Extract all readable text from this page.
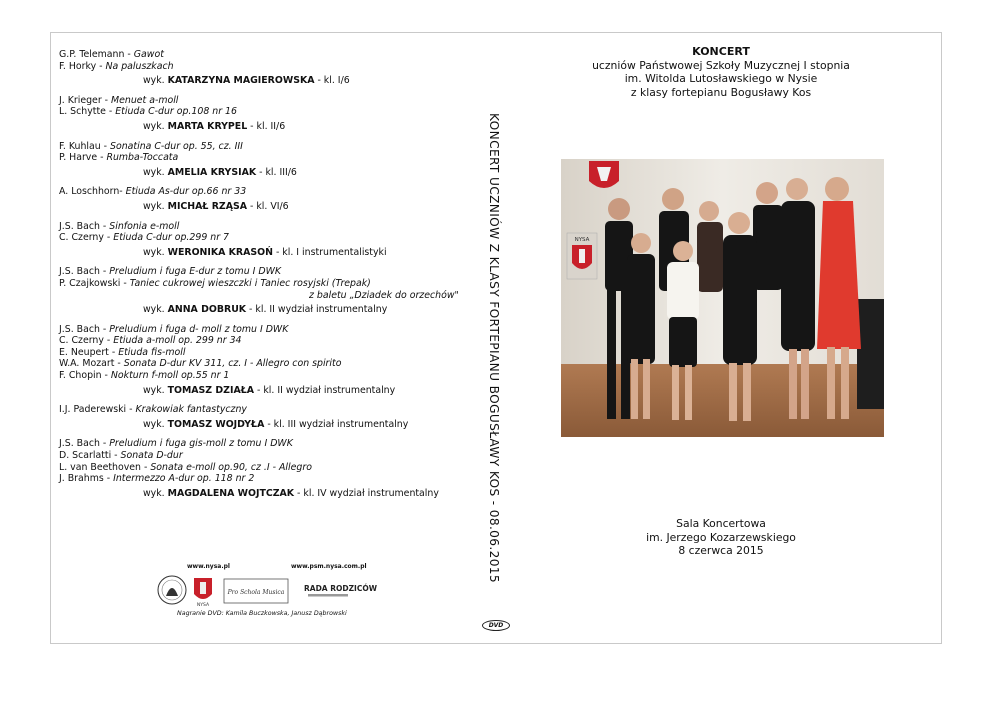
G.P. Telemann - Gawot
F. Horky - Na paluszkach
wyk. KATARZYNA MAGIEROWSKA - kl. I/6
J. Krieger - Menuet a-moll
L. Schytte - Etiuda C-dur op.108 nr 16
wyk. MARTA KRYPEL - kl. II/6
F. Kuhlau - Sonatina C-dur op. 55, cz. III
P. Harve - Rumba-Toccata
wyk. AMELIA KRYSIAK - kl. III/6
A. Loschhorn- Etiuda As-dur op.66 nr 33
wyk. MICHAŁ RZĄSA - kl. VI/6
J.S. Bach - Sinfonia e-moll
C. Czerny - Etiuda C-dur op.299 nr 7
wyk. WERONIKA KRASOŃ - kl. I instrumentalistyki
J.S. Bach - Preludium i fuga E-dur z tomu I DWK
P. Czajkowski - Taniec cukrowej wieszczki i Taniec rosyjski (Trepak)
z baletu „Dziadek do orzechów"
wyk. ANNA DOBRUK - kl. II wydział instrumentalny
J.S. Bach - Preludium i fuga d- moll z tomu I DWK
C. Czerny - Etiuda a-moll op. 299 nr 34
E. Neupert - Etiuda fis-moll
W.A. Mozart - Sonata D-dur KV 311, cz. I - Allegro con spirito
F. Chopin - Nokturn f-moll op.55 nr 1
wyk. TOMASZ DZIAŁA - kl. II wydział instrumentalny
I.J. Paderewski - Krakowiak fantastyczny
wyk. TOMASZ WOJDYŁA - kl. III wydział instrumentalny
J.S. Bach - Preludium i fuga gis-moll z tomu I DWK
D. Scarlatti - Sonata D-dur
L. van Beethoven - Sonata e-moll op.90, cz .I - Allegro
J. Brahms - Intermezzo A-dur op. 118 nr 2
wyk. MAGDALENA WOJTCZAK - kl. IV wydział instrumentalny	KONCERT UCZNIÓW Z KLASY FORTEPIANU BOGUSŁAWY KOS - 08.06.2015
DVD
KONCERT
uczniów Państwowej Szkoły Muzycznej I stopnia
im. Witolda Lutosławskiego w Nysie
z klasy fortepianu Bogusławy Kos
NYSA
Sala Koncertowa
im. Jerzego Kozarzewskiego
8 czerwca 2015
www.nysa.pl	www.psm.nysa.com.pl
NYSA
Pro Schola Musica	RADA RODZICÓW
Nagranie DVD: Kamila Buczkowska, Janusz Dąbrowski
